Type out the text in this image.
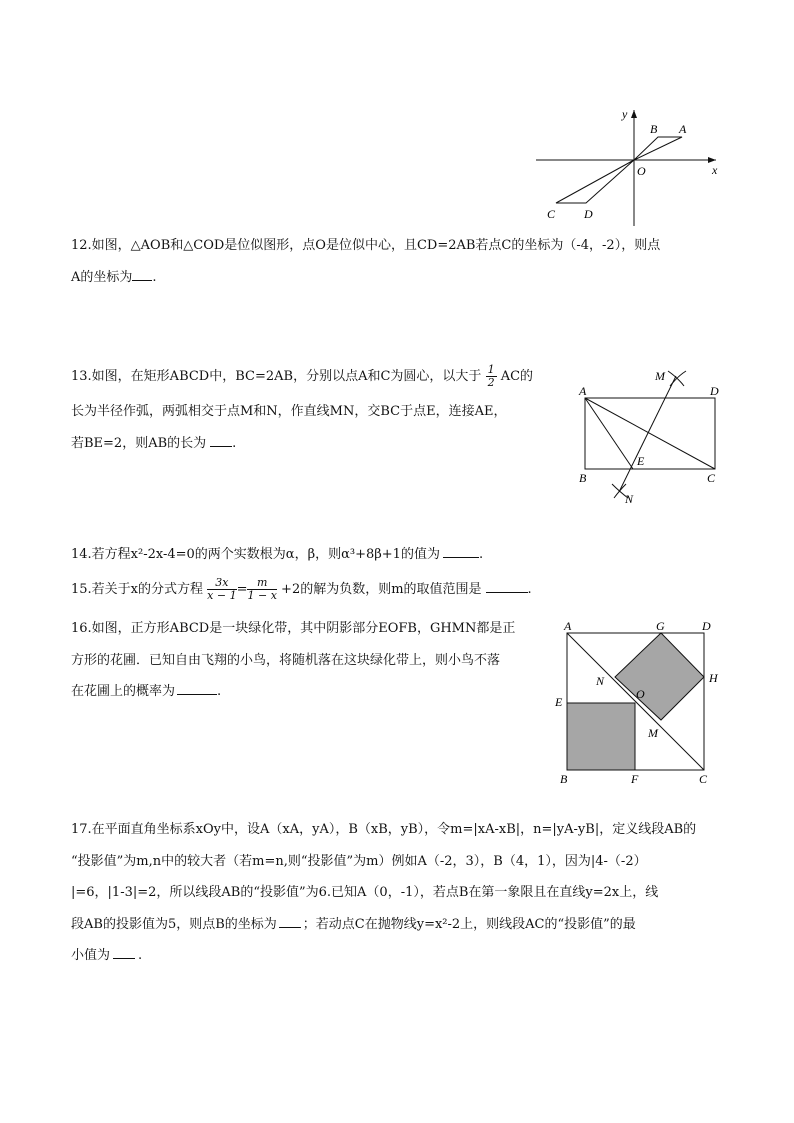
y
x
O
B A
C D
12.如图，△AOB和△COD是位似图形，点O是位似中心，且CD=2AB若点C的坐标为（-4，-2），则点
A的坐标为 .
13.如图，在矩形ABCD中，BC=2AB，分别以点A和C为圆心，以大于 $\frac{1}{2}$ AC的
长为半径作弧，两弧相交于点M和N，作直线MN，交BC于点E，连接AE，
若BE=2，则AB的长为 .
A	D
B	C
M
E
N
14.若方程x²-2x-4=0的两个实数根为α，β，则α³+8β+1的值为	.
15.若关于x的分式方程 $\frac{3x}{x - 1} = \frac{m}{1 - x} +2$的解为负数，则m的取值范围是	.
16.如图，正方形ABCD是一块绿化带，其中阴影部分EOFB，GHMN都是正
方形的花圃．已知自由飞翔的小鸟，将随机落在这块绿化带上，则小鸟不落
在花圃上的概率为	.
A	G	D
H
N
O
E
M
B	F	C
17.在平面直角坐标系xOy中，设A（xA，yA），B（xB，yB），令m=|xA-xB|，n=|yA-yB|，定义线段AB的
“投影值”为m,n中的较大者（若m=n,则“投影值”为m）例如A（-2，3），B（4，1），因为|4-（-2）
|=6，|1-3|=2，所以线段AB的“投影值”为6.已知A（0，-1），若点B在第一象限且在直线y=2x上，线
段AB的投影值为5，则点B的坐标为 ；若动点C在抛物线y=x²-2上，则线段AC的“投影值”的最
小值为 .
